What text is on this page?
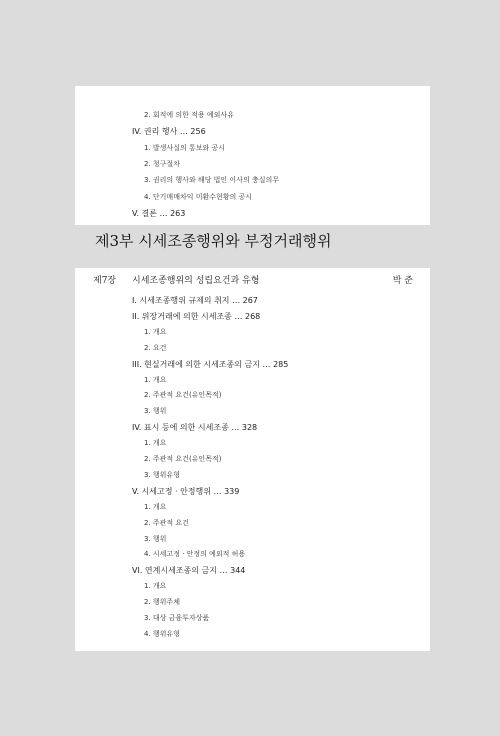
2. 회적에 의한 적용 예외사유
IV. 권리 행사 … 256
1. 발생사실의 통보와 공시
2. 청구절차
3. 권리의 행사와 해당 법인 이사의 충실의무
4. 단기매매차익 미환수현황의 공시
V. 결론 … 263
제3부 시세조종행위와 부정거래행위
제7장 시세조종행위의 성립요건과 유형	박 준
I. 시세조종행위 규제의 취지 … 267
II. 위장거래에 의한 시세조종 … 268
1. 개요
2. 요건
III. 현실거래에 의한 시세조종의 금지 … 285
1. 개요
2. 주관적 요건(유인목적)
3. 행위
IV. 표시 등에 의한 시세조종 … 328
1. 개요
2. 주관적 요건(유인목적)
3. 행위유형
V. 시세고정 · 안정행위 … 339
1. 개요
2. 주관적 요건
3. 행위
4. 시세고정 · 안정의 예외적 허용
VI. 연계시세조종의 금지 … 344
1. 개요
2. 행위주체
3. 대상 금융투자상품
4. 행위유형
